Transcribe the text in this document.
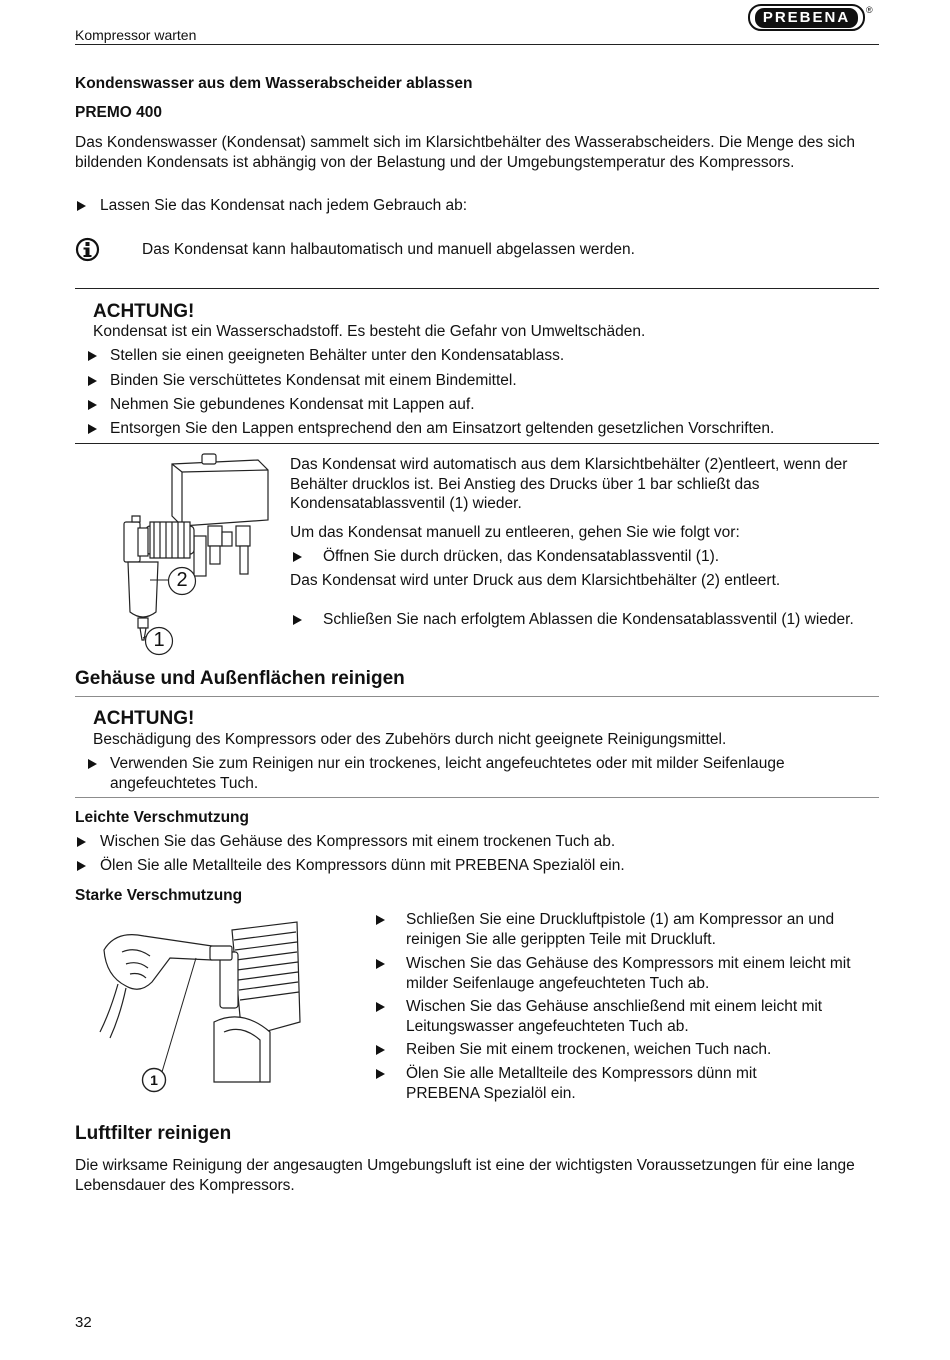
Kompressor warten
PREBENA	®

Kondenswasser aus dem Wasserabscheider ablassen

PREMO 400

Das Kondenswasser (Kondensat) sammelt sich im Klarsichtbehälter des Wasserabscheiders. Die Menge des sich bildenden Kondensats ist abhängig von der Belastung und der Umgebungstemperatur des Kompressors.

Lassen Sie das Kondensat nach jedem Gebrauch ab:

Das Kondensat kann halbautomatisch und manuell abgelassen werden.

ACHTUNG!

Kondensat ist ein Wasserschadstoff. Es besteht die Gefahr von Umweltschäden.

Stellen sie einen geeigneten Behälter unter den Kondensatablass.
Binden Sie verschüttetes Kondensat mit einem Bindemittel.
Nehmen Sie gebundenes Kondensat mit Lappen auf.
Entsorgen Sie den Lappen entsprechend den am Einsatzort geltenden gesetzlichen Vorschriften.
2
1

Das Kondensat wird automatisch aus dem Klarsichtbehälter (2)entleert, wenn der Behälter drucklos ist. Bei Anstieg des Drucks über 1 bar schließt das Kondensatablassventil (1) wieder.

Um das Kondensat manuell zu entleeren, gehen Sie wie folgt vor:

Öffnen Sie durch drücken, das Kondensatablassventil (1).

Das Kondensat wird unter Druck aus dem Klarsichtbehälter (2) entleert.

Schließen Sie nach erfolgtem Ablassen die Kondensatablassventil (1) wieder.

Gehäuse und Außenflächen reinigen

ACHTUNG!

Beschädigung des Kompressors oder des Zubehörs durch nicht geeignete Reinigungsmittel.

Verwenden Sie zum Reinigen nur ein trockenes, leicht angefeuchtetes oder mit milder Seifenlauge angefeuchtetes Tuch.

Leichte Verschmutzung

Wischen Sie das Gehäuse des Kompressors mit einem trockenen Tuch ab.
Ölen Sie alle Metallteile des Kompressors dünn mit PREBENA Spezialöl ein.

Starke Verschmutzung

1
Schließen Sie eine Druckluftpistole (1) am Kompressor an und reinigen Sie alle gerippten Teile mit Druckluft.
Wischen Sie das Gehäuse des Kompressors mit einem leicht mit milder Seifenlauge angefeuchteten Tuch ab.
Wischen Sie das Gehäuse anschließend mit einem leicht mit Leitungswasser angefeuchteten Tuch ab.
Reiben Sie mit einem trockenen, weichen Tuch nach.
Ölen Sie alle Metallteile des Kompressors dünn mit PREBENA Spezialöl ein.

Luftfilter reinigen

Die wirksame Reinigung der angesaugten Umgebungsluft ist eine der wichtigsten Voraussetzungen für eine lange Lebensdauer des Kompressors.

32
